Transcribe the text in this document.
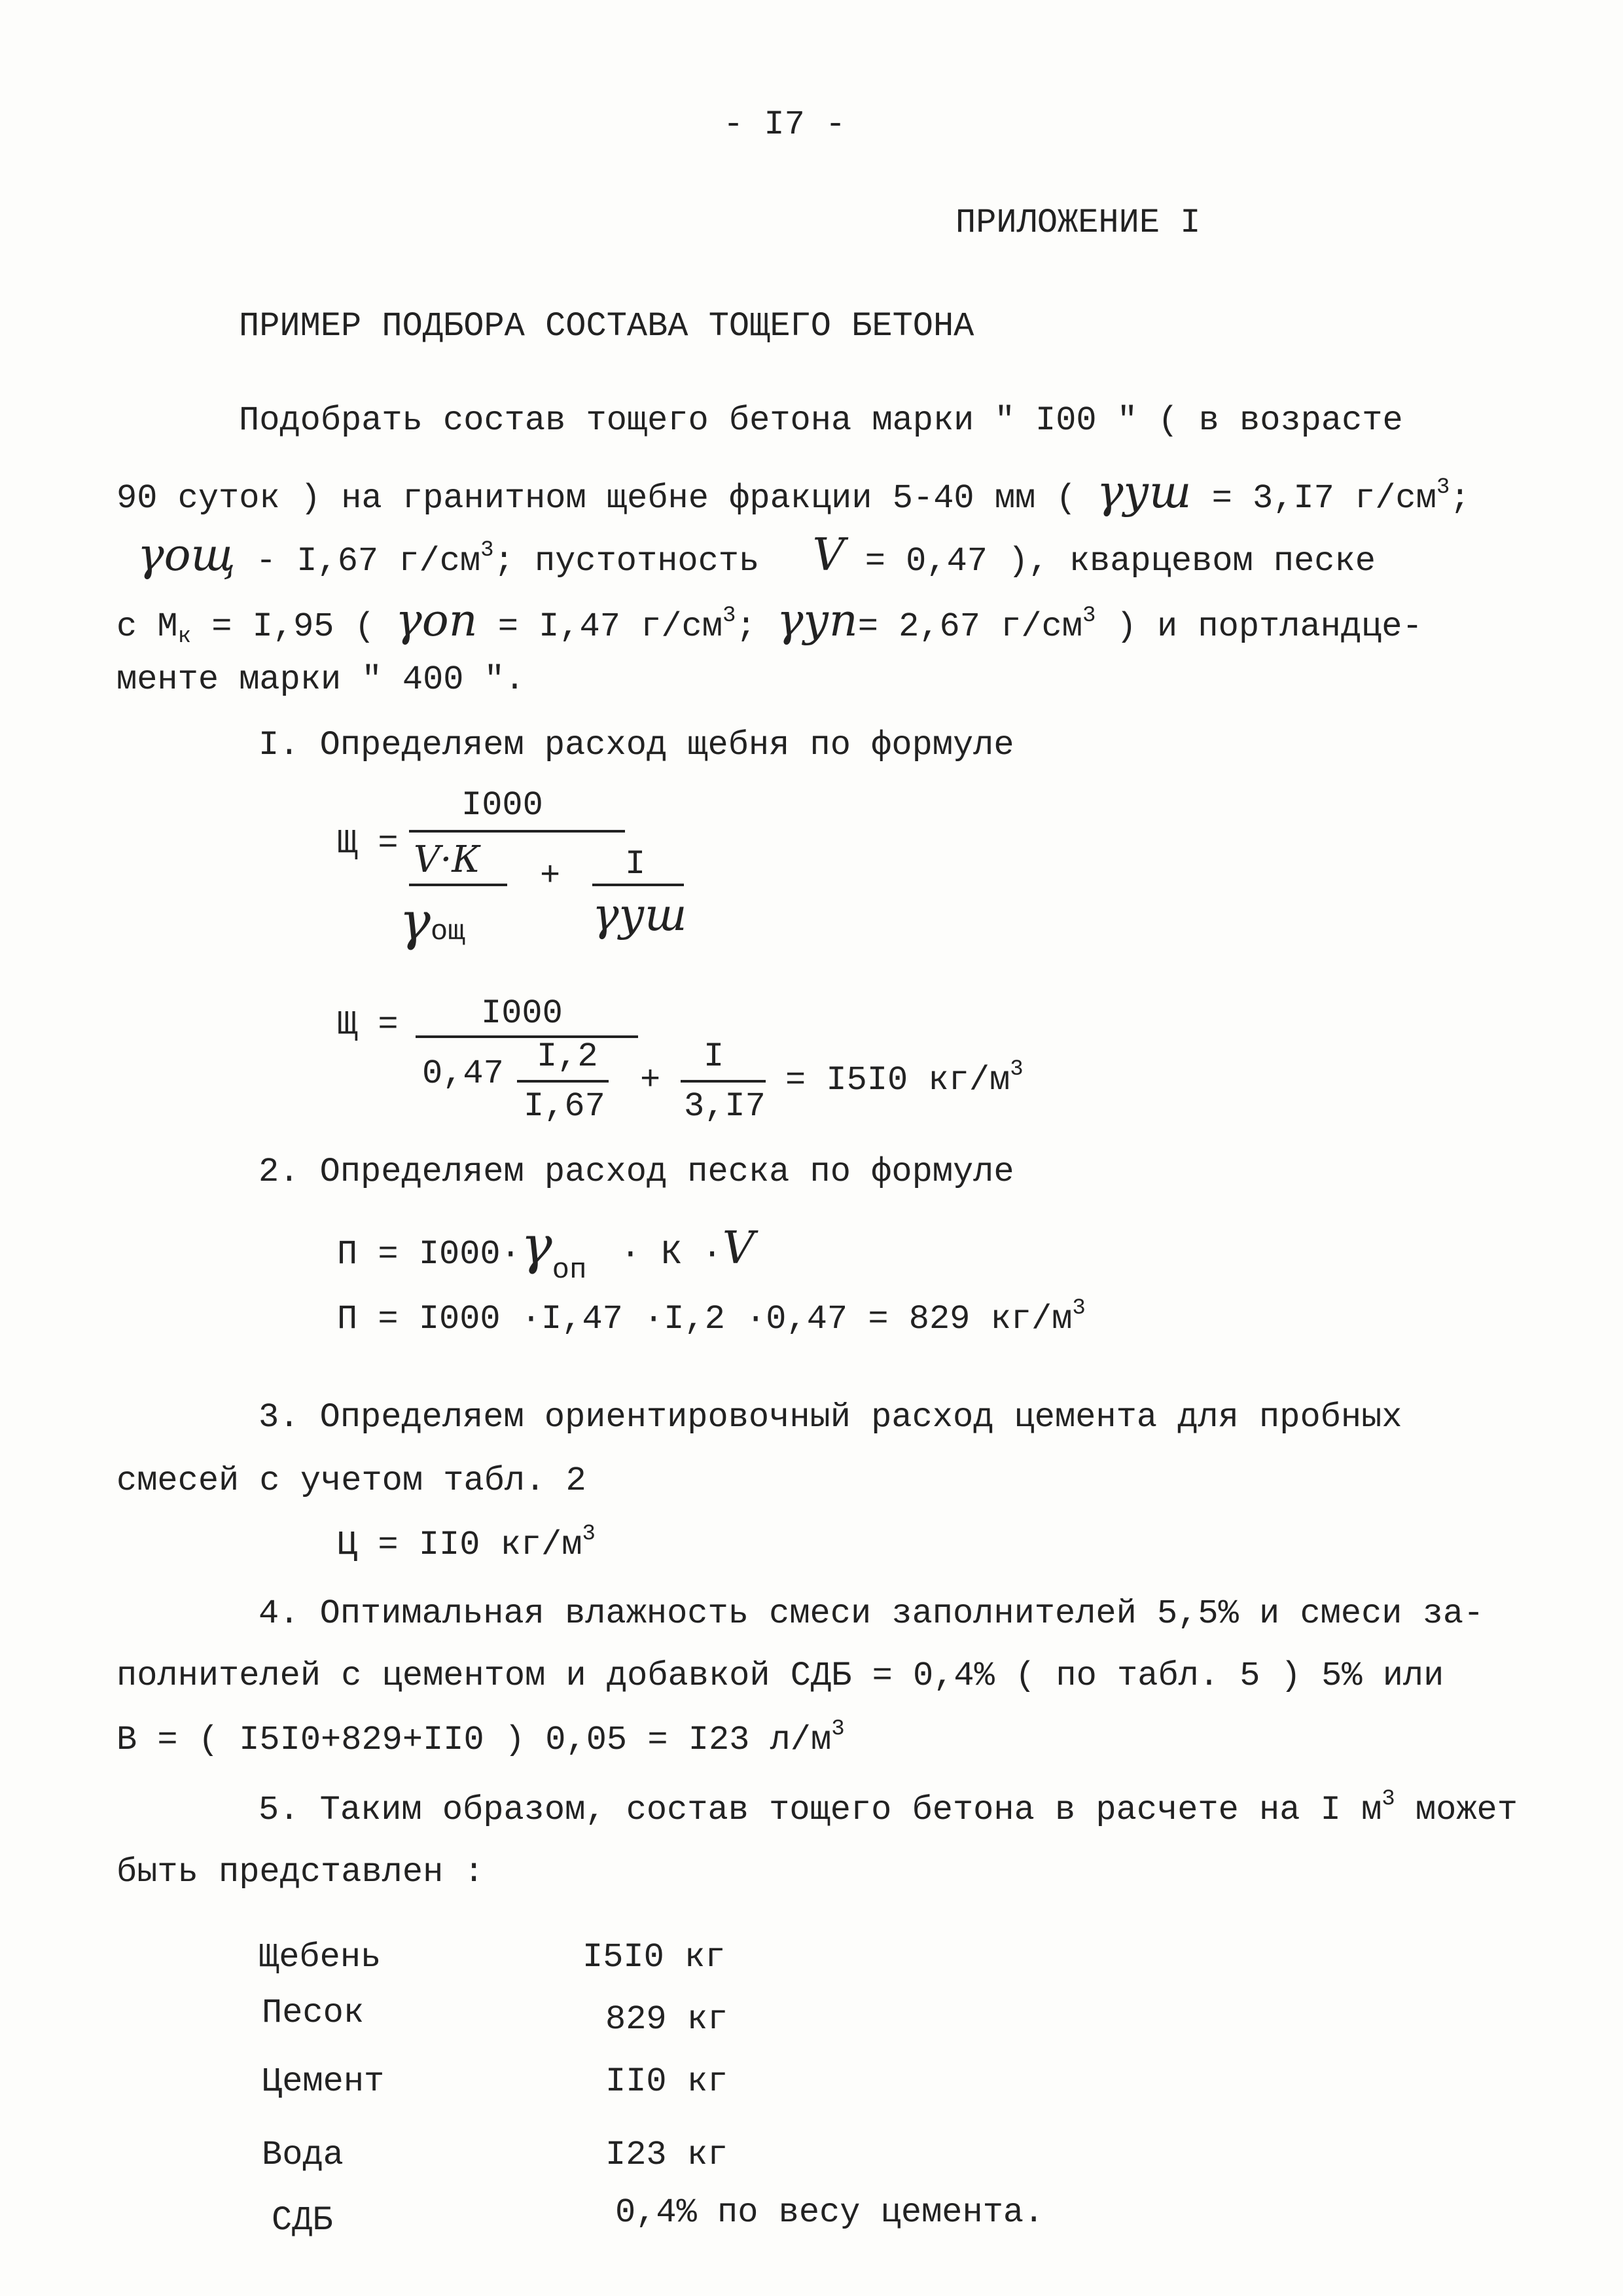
- I7 -
ПРИЛОЖЕНИЕ I
ПРИМЕР ПОДБОРА СОСТАВА ТОЩЕГО БЕТОНА
Подобрать состав тощего бетона марки " I00 " ( в возрасте
90 суток ) на гранитном щебне фракции 5-40 мм ( γуш = 3,I7 $г/см^3$;
γощ - I,67 $г/см^3$; пустотность V = 0,47 ), кварцевом песке
с $М_к = I,95$ ( γоп = I,47 $г/см^3$; γуп= 2,67 $г/см^3$ ) и портландце-
менте марки " 400 ".
I. Определяем расход щебня по формуле
Щ =
I000
V·К
γощ
+ I
γуш
Щ = I000
0,47 I,2
I,67
+
I
3,I7
= I5I0 $кг/м^3$
2. Определяем расход песка по формуле
$П = I000\cdot\gamma_{оп} \cdot К \cdot V$
П = I000 ·I,47 ·I,2 ·0,47 = 829 $кг/м^3$
3. Определяем ориентировочный расход цемента для пробных
смесей с учетом табл. 2
Ц = II0 $кг/м^3$
4. Оптимальная влажность смеси заполнителей 5,5% и смеси за-
полнителей с цементом и добавкой СДБ = 0,4% ( по табл. 5 ) 5% или
В = ( I5I0+829+II0 ) 0,05 = I23 $л/м^3$
5. Таким образом, состав тощего бетона в расчете на I $м^3$ может
быть представлен :
Щебень	I5I0 кг
Песок	829 кг
Цемент	II0 кг
Вода	I23 кг
СДБ	0,4% по весу цемента.
